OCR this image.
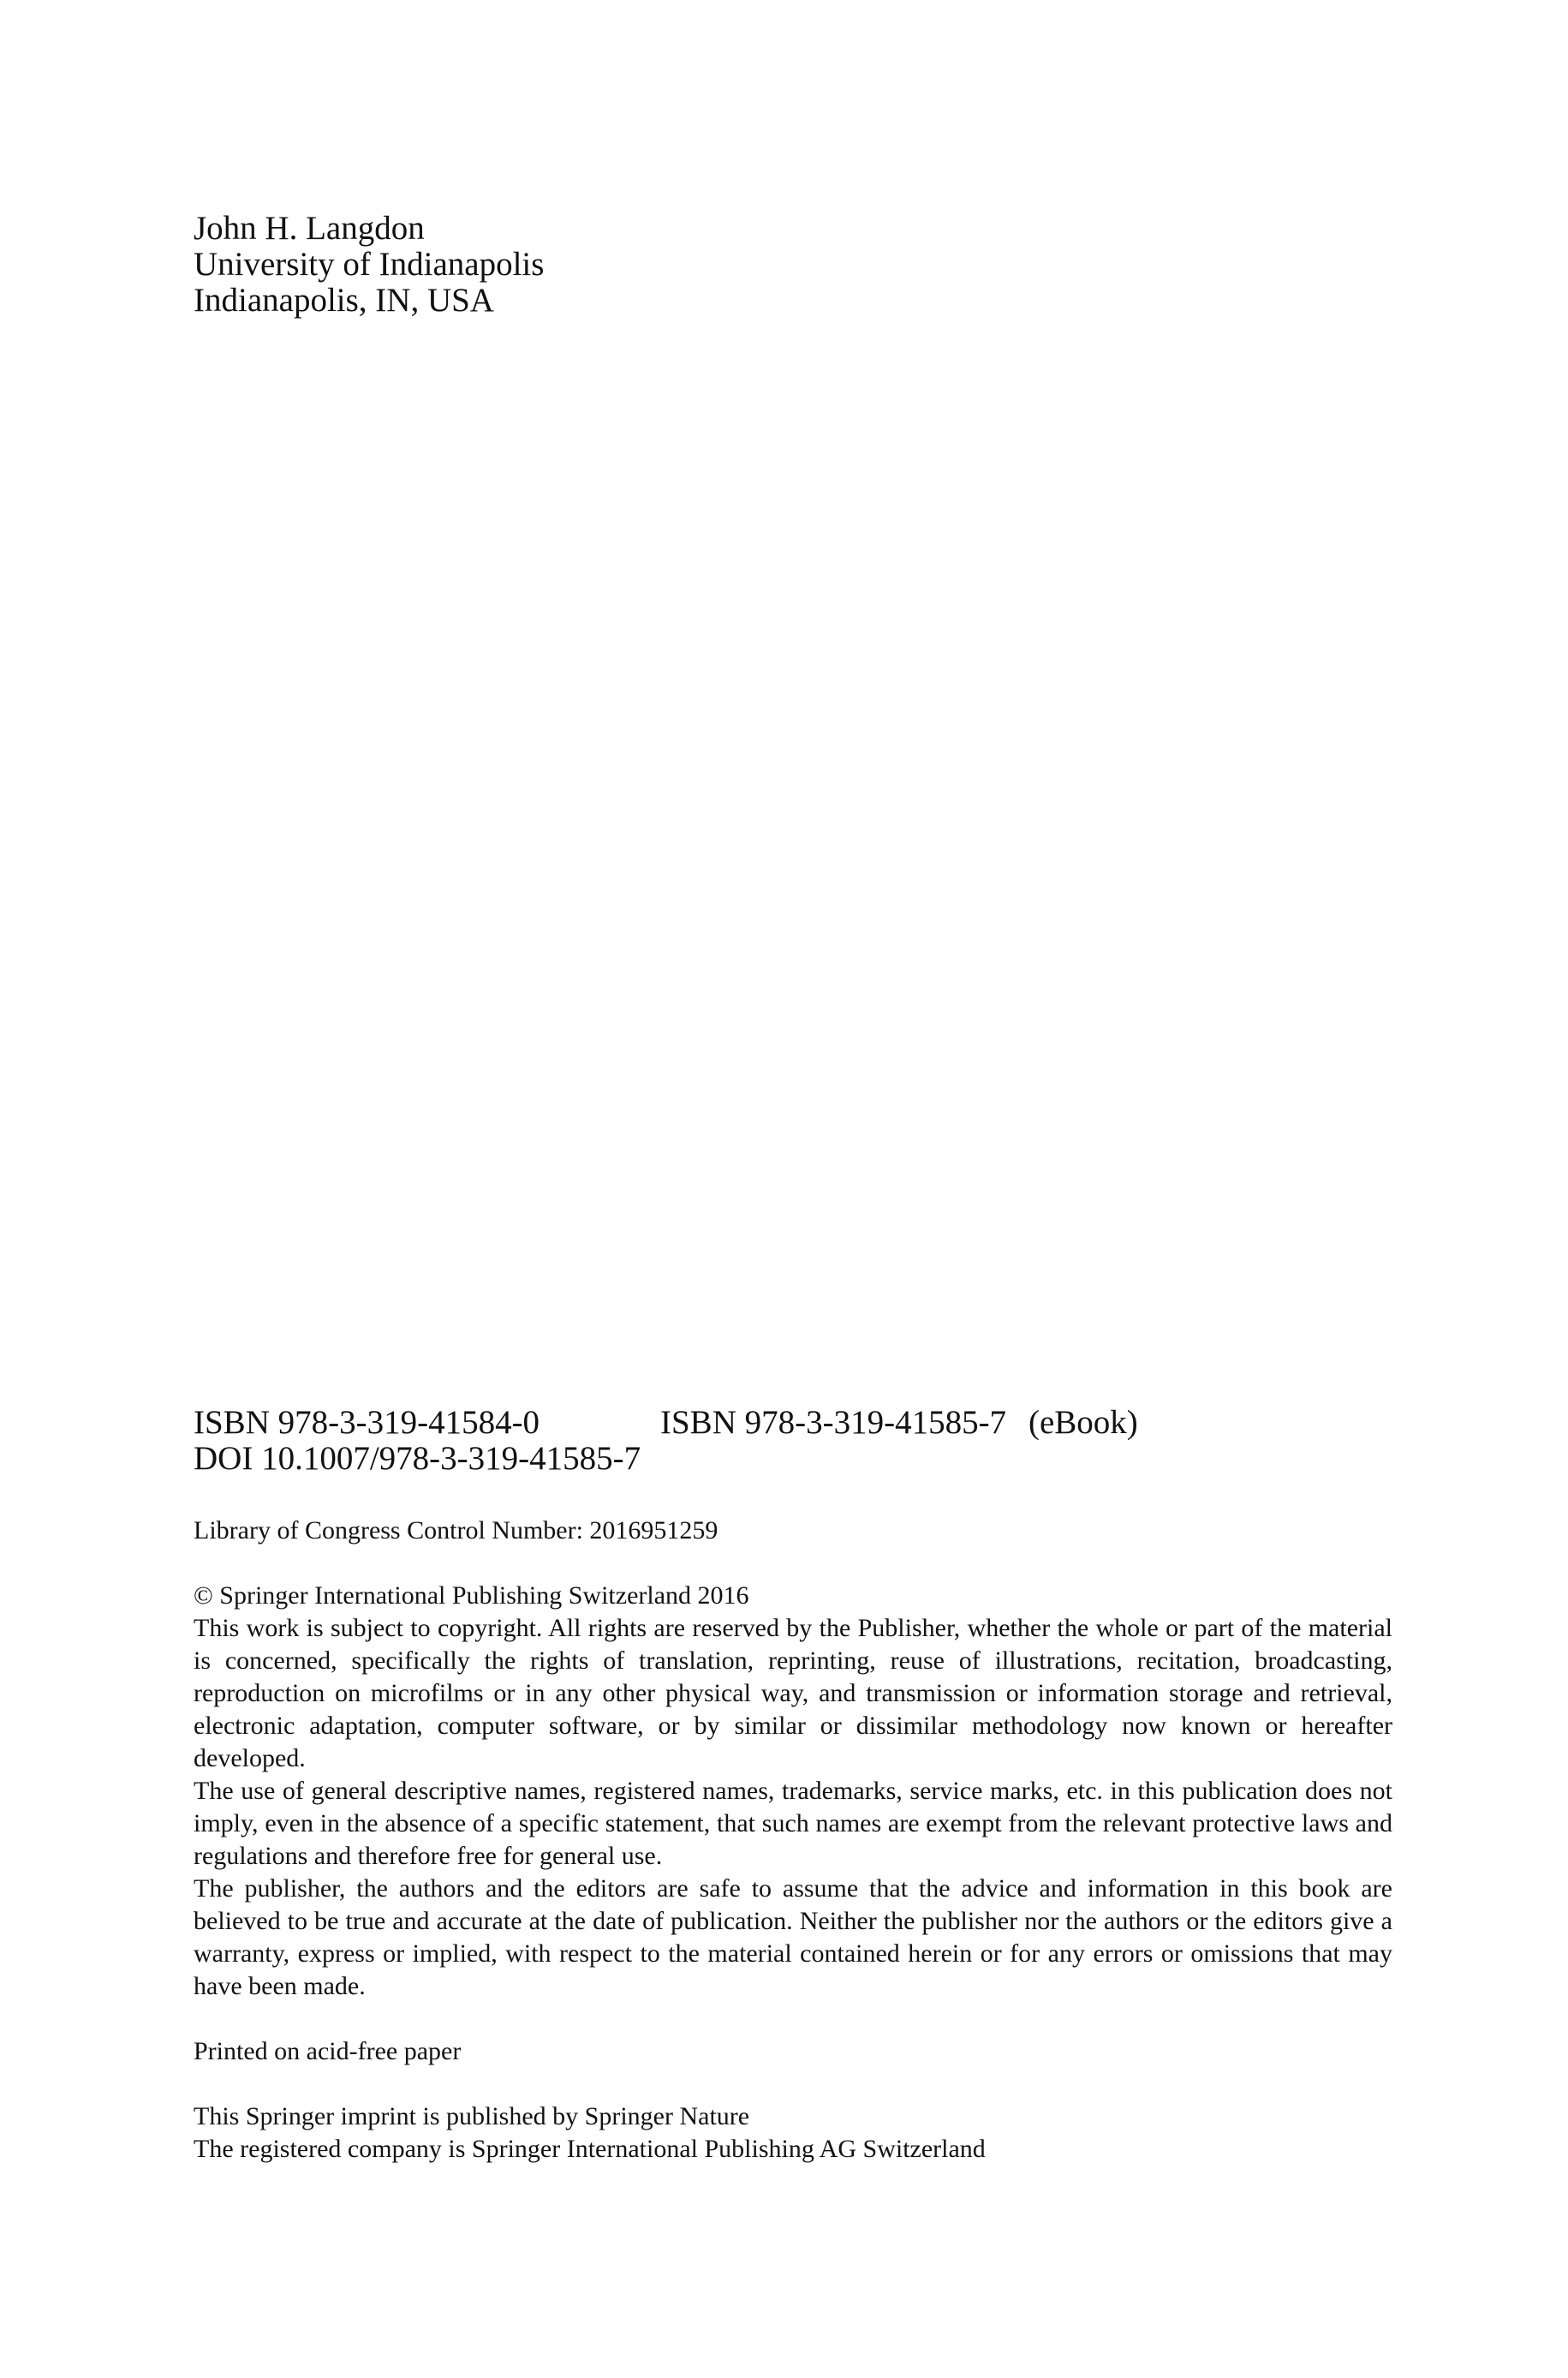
John H. Langdon
University of Indianapolis
Indianapolis, IN, USA
ISBN 978-3-319-41584-0	ISBN 978-3-319-41585-7 (eBook)
DOI 10.1007/978-3-319-41585-7
Library of Congress Control Number: 2016951259
© Springer International Publishing Switzerland 2016

This work is subject to copyright. All rights are reserved by the Publisher, whether the whole or part of the material is concerned, specifically the rights of translation, reprinting, reuse of illustrations, recitation, broadcasting, reproduction on microfilms or in any other physical way, and transmission or information storage and retrieval, electronic adaptation, computer software, or by similar or dissimilar methodology now known or hereafter developed.

The use of general descriptive names, registered names, trademarks, service marks, etc. in this publication does not imply, even in the absence of a specific statement, that such names are exempt from the relevant protective laws and regulations and therefore free for general use.

The publisher, the authors and the editors are safe to assume that the advice and information in this book are believed to be true and accurate at the date of publication. Neither the publisher nor the authors or the editors give a warranty, express or implied, with respect to the material contained herein or for any errors or omissions that may have been made.

Printed on acid-free paper
This Springer imprint is published by Springer Nature
The registered company is Springer International Publishing AG Switzerland
